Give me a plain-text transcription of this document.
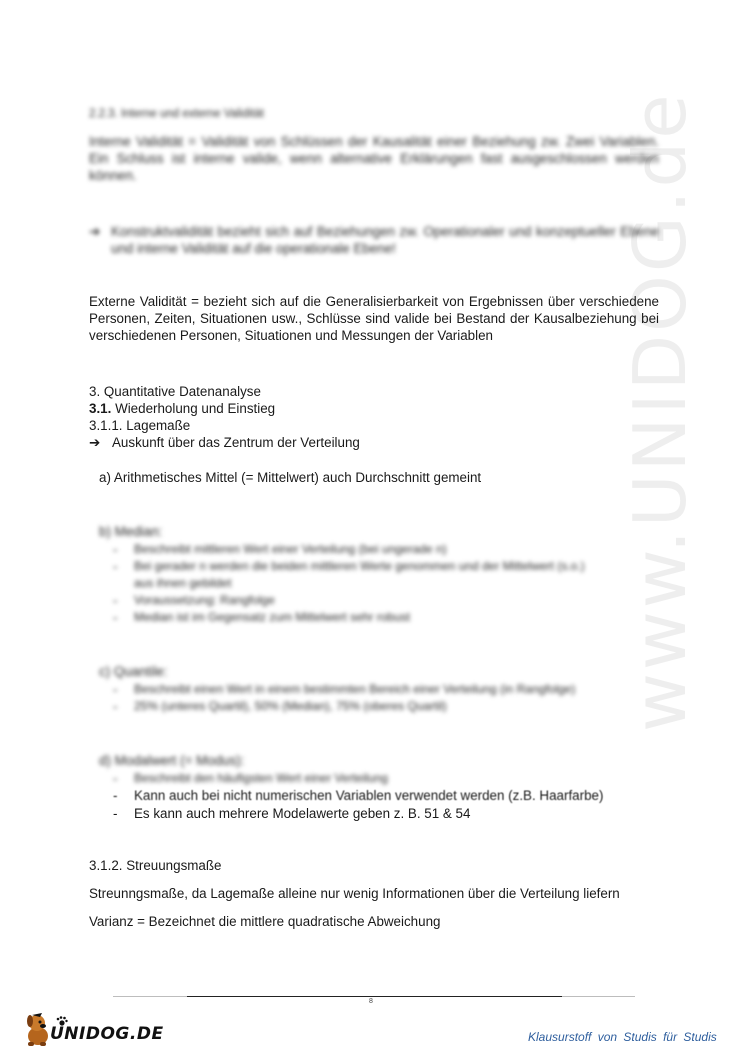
www.UNIDOG.de
2.2.3. Interne und externe Validität
Interne Validität = Validität von Schlüssen der Kausalität einer Beziehung zw. Zwei Variablen. Ein Schluss ist interne valide, wenn alternative Erklärungen fast ausgeschlossen werden können.
➔ Konstruktvalidität bezieht sich auf Beziehungen zw. Operationaler und konzeptueller Ebene und interne Validität auf die operationale Ebene!
Externe Validität = bezieht sich auf die Generalisierbarkeit von Ergebnissen über verschiedene Personen, Zeiten, Situationen usw., Schlüsse sind valide bei Bestand der Kausalbeziehung bei verschiedenen Personen, Situationen und Messungen der Variablen
3. Quantitative Datenanalyse
3.1. Wiederholung und Einstieg
3.1.1. Lagemaße
➔ Auskunft über das Zentrum der Verteilung
a) Arithmetisches Mittel (= Mittelwert) auch Durchschnitt gemeint
b) Median:
- Beschreibt mittleren Wert einer Verteilung (bei ungerade n)
- Bei gerader n werden die beiden mittleren Werte genommen und der Mittelwert (s.o.)
aus ihnen gebildet
- Voraussetzung: Rangfolge
- Median ist im Gegensatz zum Mittelwert sehr robust
c) Quantile:
- Beschreibt einen Wert in einem bestimmten Bereich einer Verteilung (in Rangfolge)
- 25% (unteres Quartil), 50% (Median), 75% (oberes Quartil)
d) Modalwert (= Modus):
- Beschreibt den häufigsten Wert einer Verteilung
- Kann auch bei nicht numerischen Variablen verwendet werden (z.B. Haarfarbe)
- Es kann auch mehrere Modelawerte geben z. B. 51 & 54
3.1.2. Streuungsmaße
Streunngsmaße, da Lagemaße alleine nur wenig Informationen über die Verteilung liefern
Varianz = Bezeichnet die mittlere quadratische Abweichung
8
UNIDOG.DE	Klausurstoff von Studis für Studis
